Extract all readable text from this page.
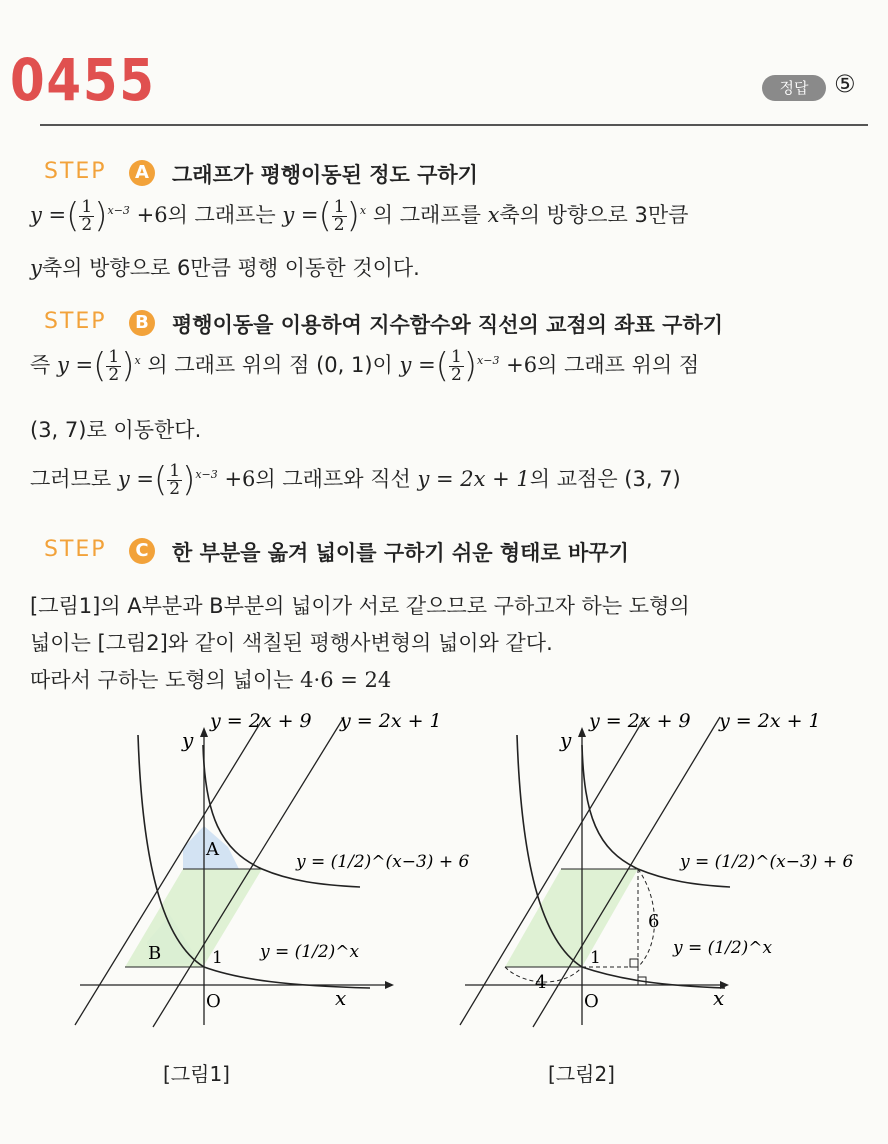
0455	정답	⑤
STEP	A 그래프가 평행이동된 정도 구하기
y =( $\frac{1}{2} )^{x-3} +6$의 그래프는 y =( $\frac{1}{2} )^x$ 의 그래프를 x축의 방향으로 3만큼
y축의 방향으로 6만큼 평행 이동한 것이다.
STEP	B 평행이동을 이용하여 지수함수와 직선의 교점의 좌표 구하기
즉 y =( $\frac{1}{2} )^x$ 의 그래프 위의 점 (0, 1)이 y =( $\frac{1}{2} )^{x-3} +6$의 그래프 위의 점
(3, 7)로 이동한다.
그러므로 y =( $\frac{1}{2} )^{x-3} +6$의 그래프와 직선 y = 2x + 1의 교점은 (3, 7)
STEP	C	한 부분을 옮겨 넓이를 구하기 쉬운 형태로 바꾸기
[그림1]의 A부분과 B부분의 넓이가 서로 같으므로 구하고자 하는 도형의
넓이는 [그림2]와 같이 색칠된 평행사변형의 넓이와 같다.
따라서 구하는 도형의 넓이는 4·6 = 24
A
B	1
O	x
y
y = 2x + 9 y = 2x + 1
y = (1/2)^(x−3) + 6
y = (1/2)^x
[그림1]
4
6
1
O	x
y
y = 2x + 9 y = 2x + 1
y = (1/2)^(x−3) + 6
y = (1/2)^x
[그림2]
